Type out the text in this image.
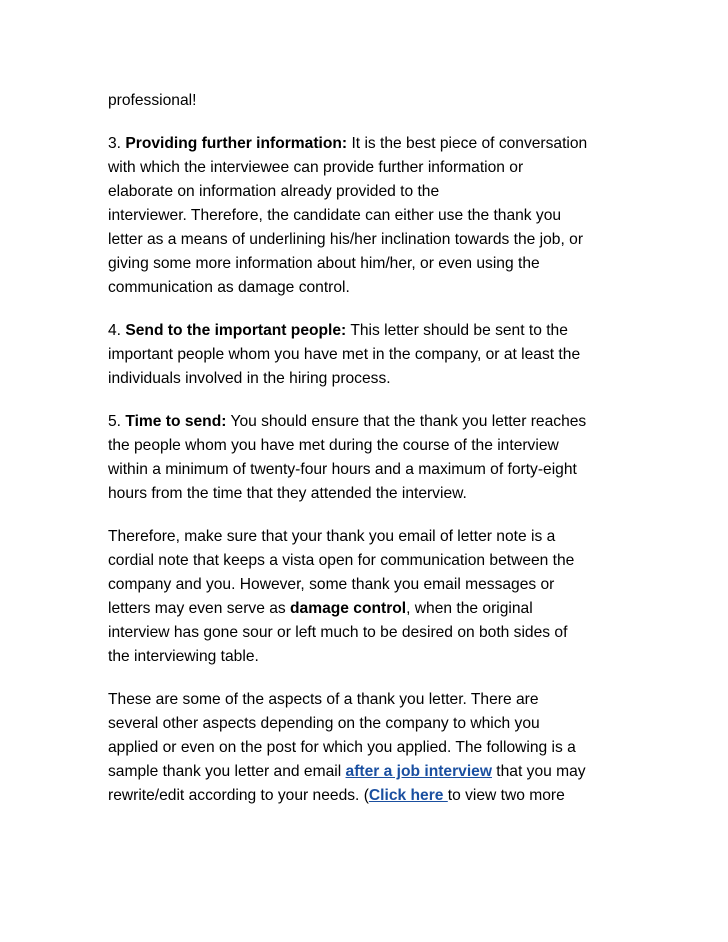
professional!

3. Providing further information: It is the best piece of conversation
with which the interviewee can provide further information or
elaborate on information already provided to the
interviewer. Therefore, the candidate can either use the thank you
letter as a means of underlining his/her inclination towards the job, or
giving some more information about him/her, or even using the
communication as damage control.

4. Send to the important people: This letter should be sent to the
important people whom you have met in the company, or at least the
individuals involved in the hiring process.

5. Time to send: You should ensure that the thank you letter reaches
the people whom you have met during the course of the interview
within a minimum of twenty-four hours and a maximum of forty-eight
hours from the time that they attended the interview.

Therefore, make sure that your thank you email of letter note is a
cordial note that keeps a vista open for communication between the
company and you. However, some thank you email messages or
letters may even serve as damage control, when the original
interview has gone sour or left much to be desired on both sides of
the interviewing table.

These are some of the aspects of a thank you letter. There are
several other aspects depending on the company to which you
applied or even on the post for which you applied. The following is a
sample thank you letter and email after a job interview that you may
rewrite/edit according to your needs. (Click here to view two more
